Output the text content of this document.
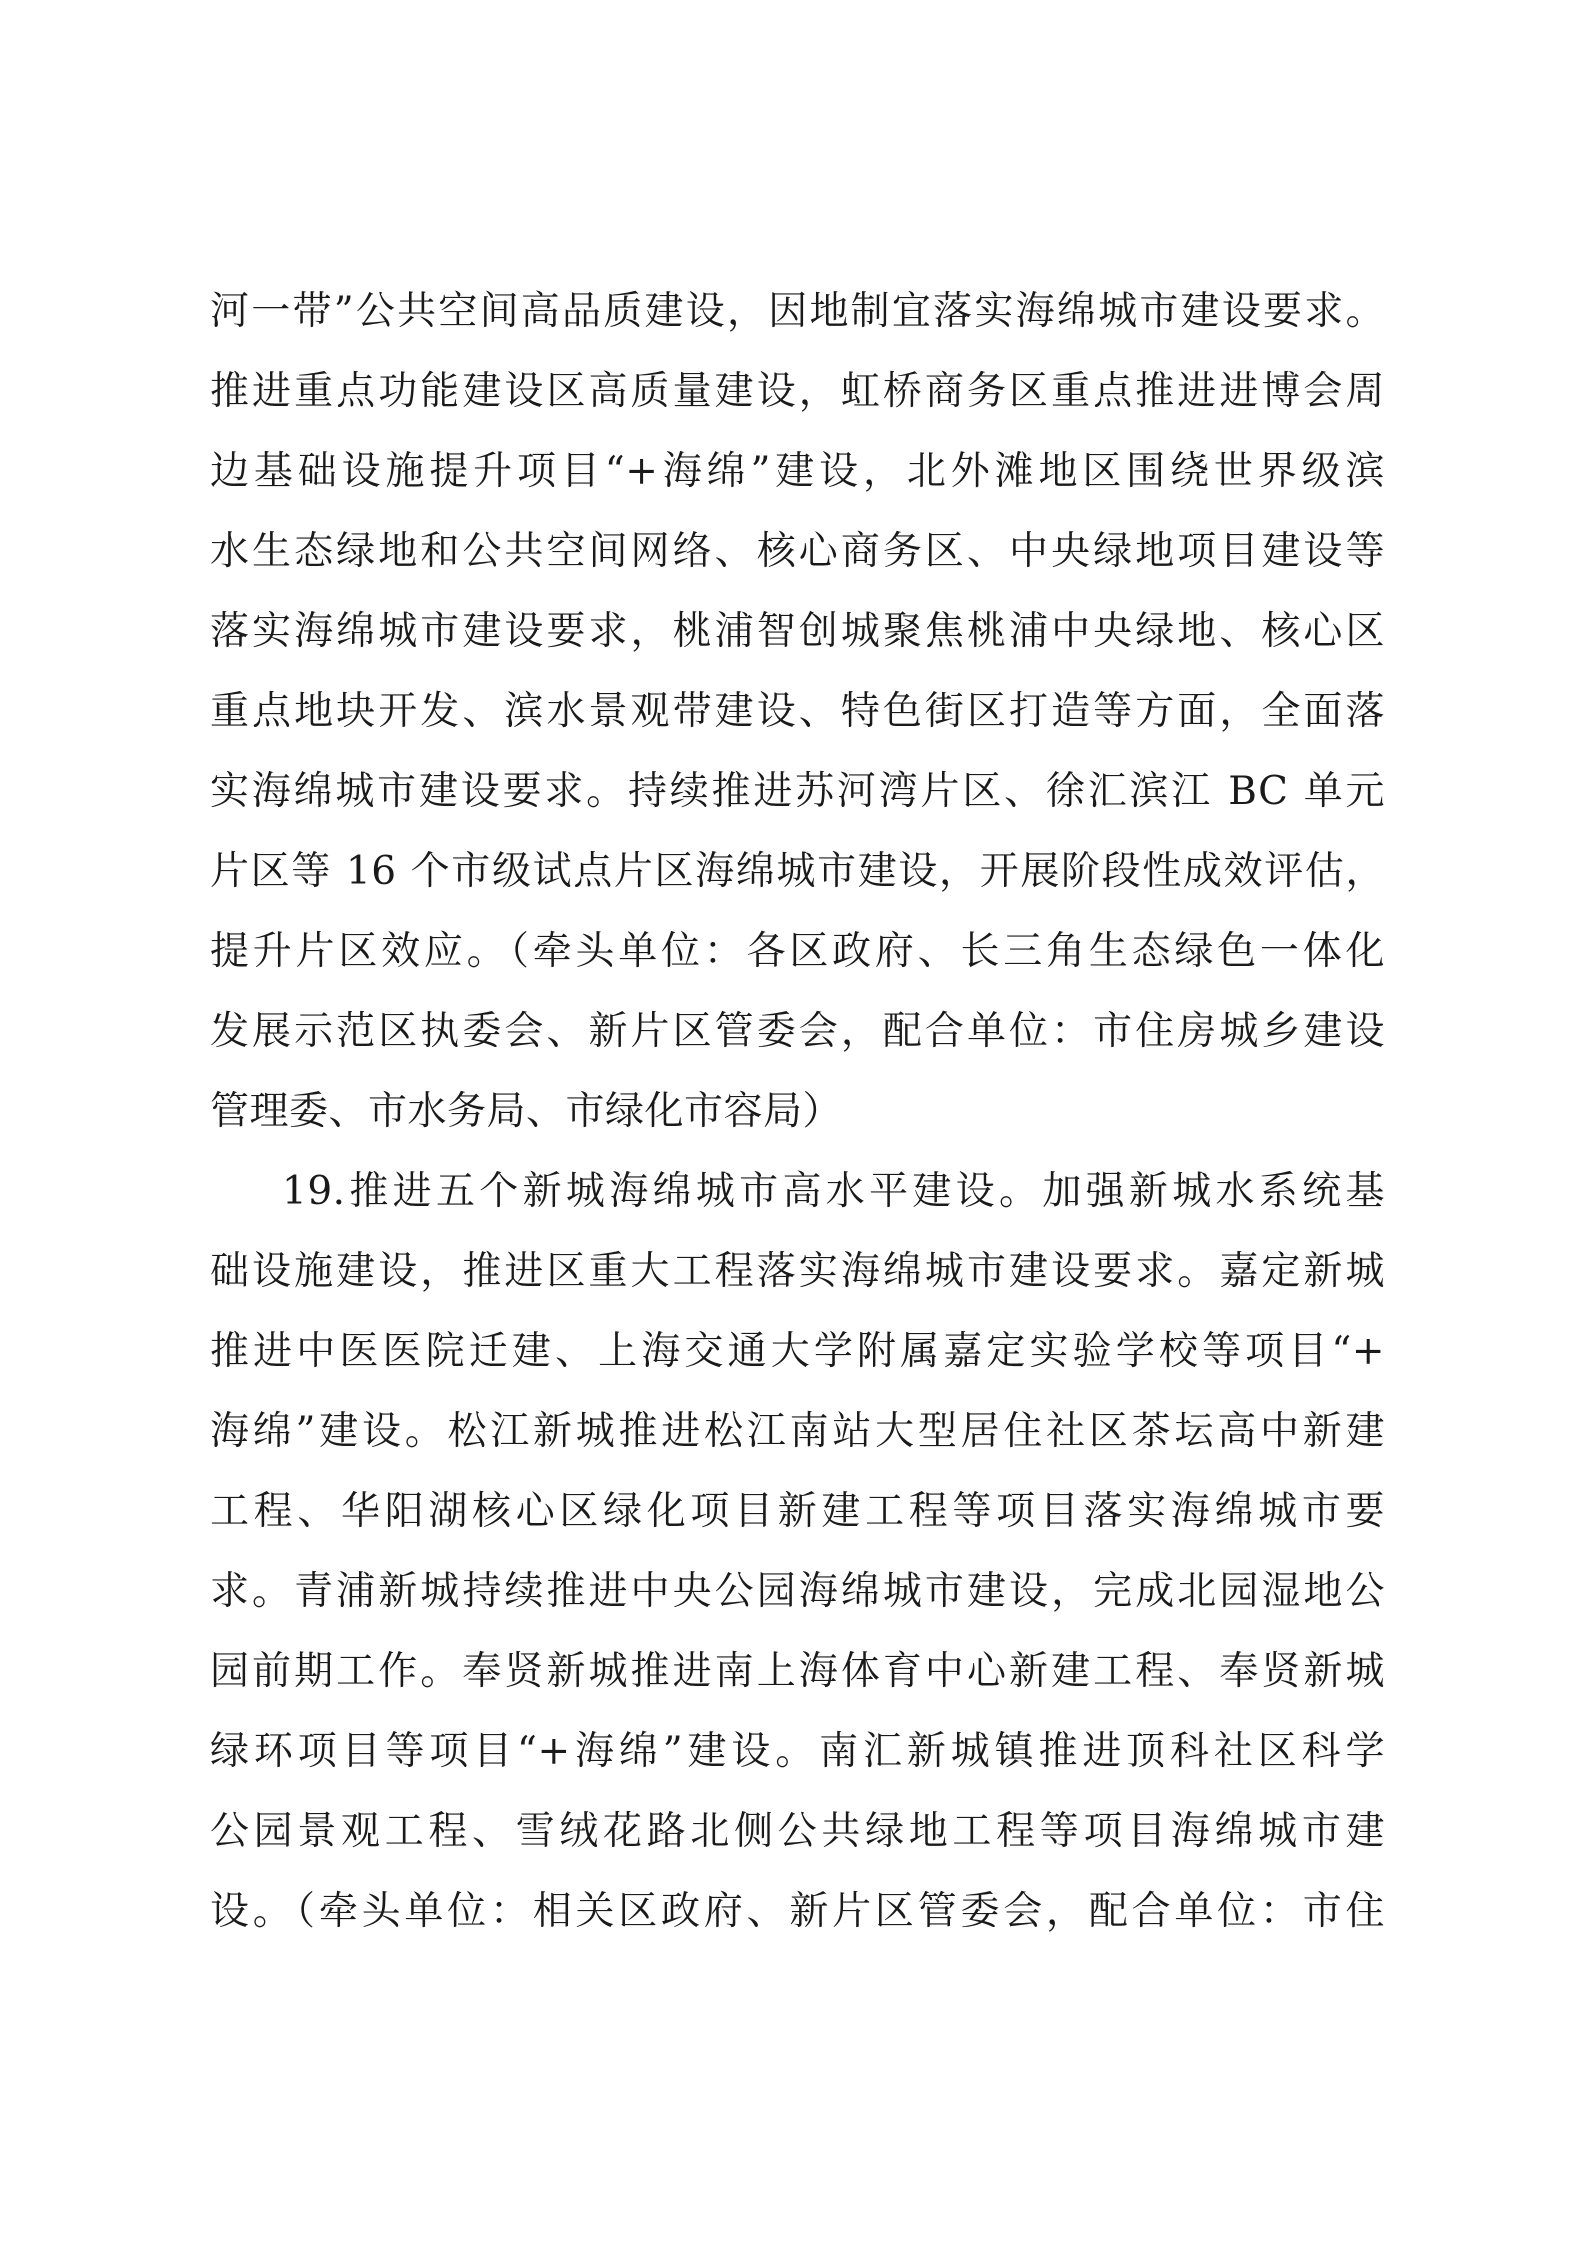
河一带”公共空间高品质建设，因地制宜落实海绵城市建设要求。
推进重点功能建设区高质量建设，虹桥商务区重点推进进博会周
边基础设施提升项目“+海绵”建设，北外滩地区围绕世界级滨
水生态绿地和公共空间网络、核心商务区、中央绿地项目建设等
落实海绵城市建设要求，桃浦智创城聚焦桃浦中央绿地、核心区
重点地块开发、滨水景观带建设、特色街区打造等方面，全面落
实海绵城市建设要求。持续推进苏河湾片区、徐汇滨江 BC 单元
片区等 16 个市级试点片区海绵城市建设，开展阶段性成效评估，
提升片区效应。（牵头单位：各区政府、长三角生态绿色一体化
发展示范区执委会、新片区管委会，配合单位：市住房城乡建设
管理委、市水务局、市绿化市容局）
19.推进五个新城海绵城市高水平建设。加强新城水系统基
础设施建设，推进区重大工程落实海绵城市建设要求。嘉定新城
推进中医医院迁建、上海交通大学附属嘉定实验学校等项目“+
海绵”建设。松江新城推进松江南站大型居住社区茶坛高中新建
工程、华阳湖核心区绿化项目新建工程等项目落实海绵城市要
求。青浦新城持续推进中央公园海绵城市建设，完成北园湿地公
园前期工作。奉贤新城推进南上海体育中心新建工程、奉贤新城
绿环项目等项目“+海绵”建设。南汇新城镇推进顶科社区科学
公园景观工程、雪绒花路北侧公共绿地工程等项目海绵城市建
设。（牵头单位：相关区政府、新片区管委会，配合单位：市住
